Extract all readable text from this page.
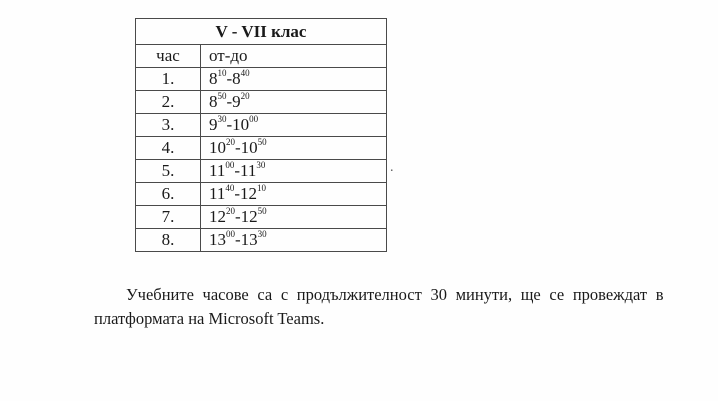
V - VII клас	
час	от-до
1.	$8^{10}-8^{40}$
2.	$8^{50}-9^{20}$
3.	$9^{30}-10^{00}$
4.	$10^{20}-10^{50}$
5.	$11^{00}-11^{30}$
6.	$11^{40}-12^{10}$
7.	$12^{20}-12^{50}$
8.	$13^{00}-13^{30}$
.
Учебните часове са с продължителност 30 минути, ще се провеждат в
платформата на Microsoft Teams.
